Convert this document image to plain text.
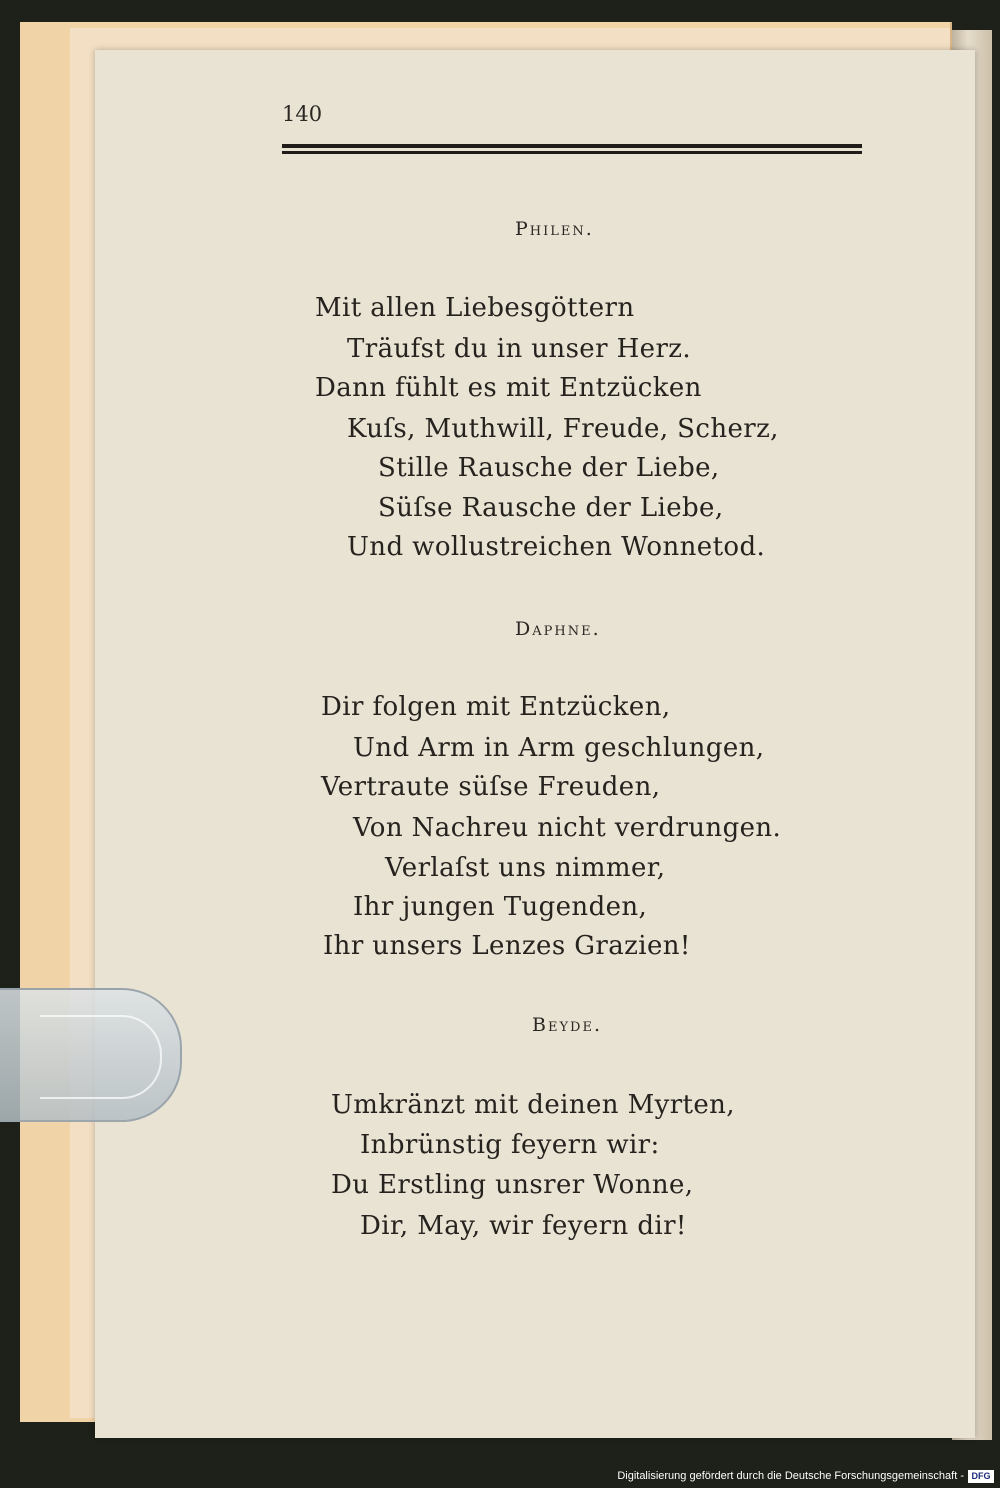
140
Philen.
Mit allen Liebesgöttern
Träufst du in unser Herz.
Dann fühlt es mit Entzücken
Kuſs, Muthwill, Freude, Scherz,
Stille Rausche der Liebe,
Süſse Rausche der Liebe,
Und wollustreichen Wonnetod.
Daphne.
Dir folgen mit Entzücken,
Und Arm in Arm geschlungen,
Vertraute süſse Freuden,
Von Nachreu nicht verdrungen.
Verlaſst uns nimmer,
Ihr jungen Tugenden,
Ihr unsers Lenzes Grazien!
Beyde.
Umkränzt mit deinen Myrten,
Inbrünstig feyern wir:
Du Erstling unsrer Wonne,
Dir, May, wir feyern dir!
Digitalisierung gefördert durch die Deutsche Forschungsgemeinschaft - DFG
